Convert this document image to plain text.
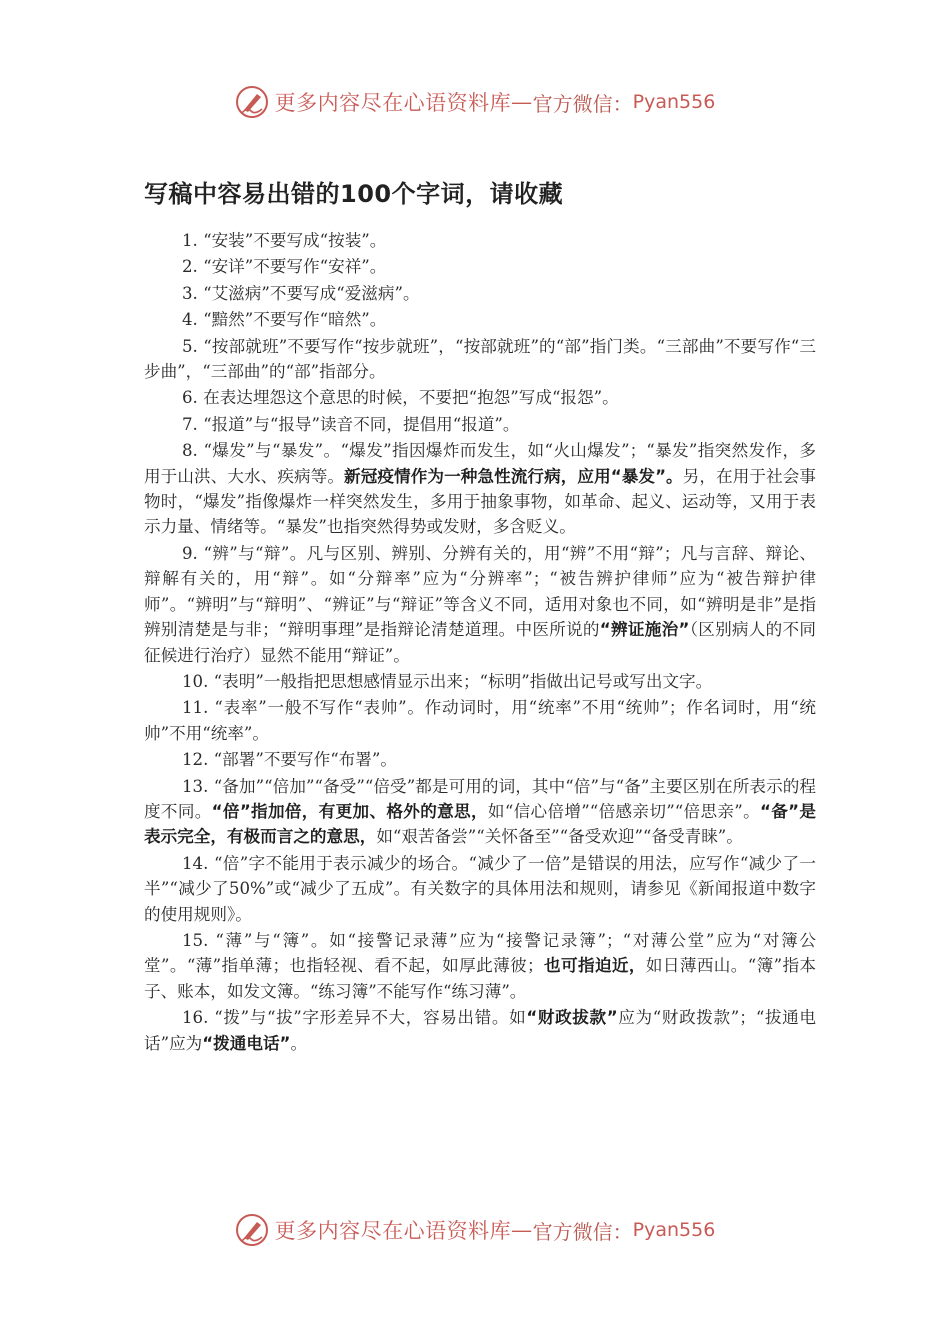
更多内容尽在心语资料库 — 官方微信： Pyan556
写稿中容易出错的100个字词，请收藏

1. “安装”不要写成“按装”。

2. “安详”不要写作“安祥”。

3. “艾滋病”不要写成“爱滋病”。

4. “黯然”不要写作“暗然”。

5. “按部就班”不要写作“按步就班”，“按部就班”的“部”指门类。“三部曲”不要写作“三步曲”，“三部曲”的“部”指部分。

6. 在表达埋怨这个意思的时候，不要把“抱怨”写成“报怨”。

7. “报道”与“报导”读音不同，提倡用“报道”。

8. “爆发”与“暴发”。“爆发”指因爆炸而发生，如“火山爆发”；“暴发”指突然发作，多用于山洪、大水、疾病等。新冠疫情作为一种急性流行病，应用“暴发”。另，在用于社会事物时，“爆发”指像爆炸一样突然发生，多用于抽象事物，如革命、起义、运动等，又用于表示力量、情绪等。“暴发”也指突然得势或发财，多含贬义。

9. “辨”与“辩”。凡与区别、辨别、分辨有关的，用“辨”不用“辩”；凡与言辞、辩论、辩解有关的，用“辩”。如“分辩率”应为“分辨率”；“被告辨护律师”应为“被告辩护律师”。“辨明”与“辩明”、“辨证”与“辩证”等含义不同，适用对象也不同，如“辨明是非”是指辨别清楚是与非；“辩明事理”是指辩论清楚道理。中医所说的“辨证施治”（区别病人的不同征候进行治疗）显然不能用“辩证”。

10. “表明”一般指把思想感情显示出来；“标明”指做出记号或写出文字。

11. “表率”一般不写作“表帅”。作动词时，用“统率”不用“统帅”；作名词时，用“统帅”不用“统率”。

12. “部署”不要写作“布署”。

13. “备加”“倍加”“备受”“倍受”都是可用的词，其中“倍”与“备”主要区别在所表示的程度不同。“倍”指加倍，有更加、格外的意思，如“信心倍增”“倍感亲切”“倍思亲”。“备”是表示完全，有极而言之的意思，如“艰苦备尝”“关怀备至”“备受欢迎”“备受青睐”。

14. “倍”字不能用于表示减少的场合。“减少了一倍”是错误的用法，应写作“减少了一半”“减少了50%”或“减少了五成”。有关数字的具体用法和规则，请参见《新闻报道中数字的使用规则》。

15. “薄”与“簿”。如“接警记录薄”应为“接警记录簿”；“对薄公堂”应为“对簿公堂”。“薄”指单薄；也指轻视、看不起，如厚此薄彼；也可指迫近，如日薄西山。“簿”指本子、账本，如发文簿。“练习簿”不能写作“练习薄”。

16. “拨”与“拔”字形差异不大，容易出错。如“财政拔款”应为“财政拨款”；“拔通电话”应为“拨通电话”。

更多内容尽在心语资料库 — 官方微信： Pyan556
